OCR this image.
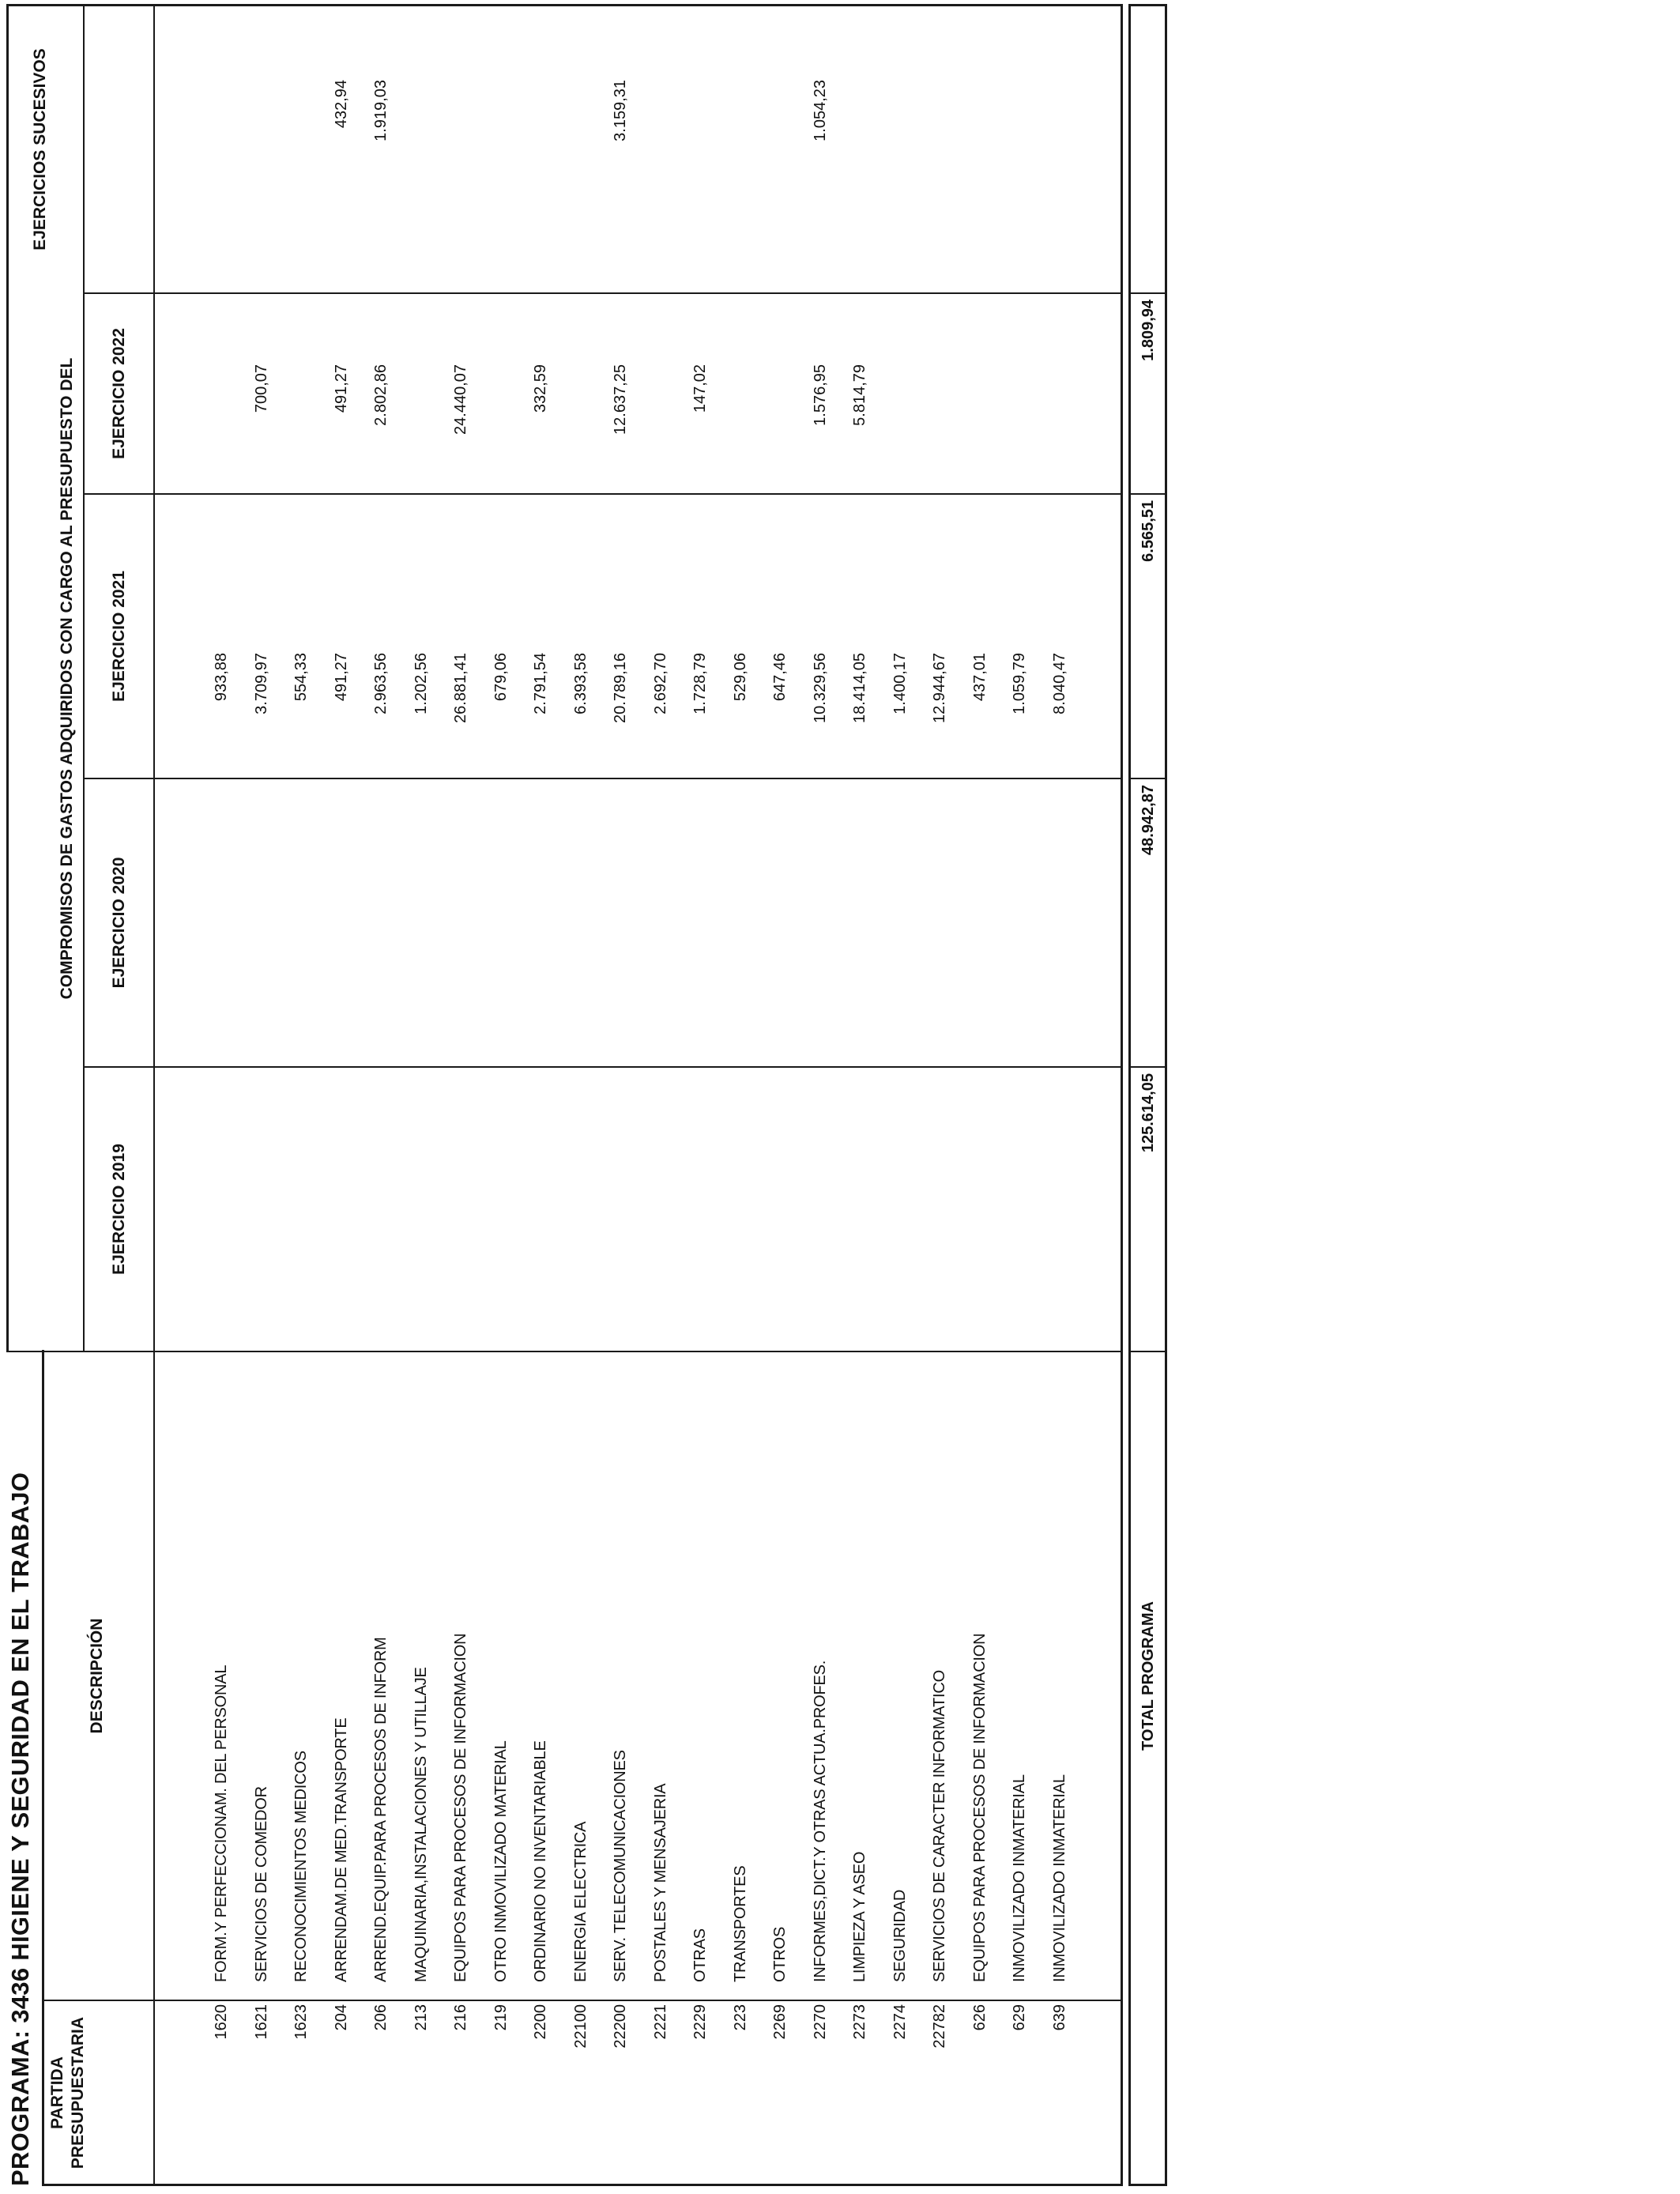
PROGRAMA: 3436 HIGIENE Y SEGURIDAD EN EL TRABAJO PARTIDA PRESUPUESTARIA
DESCRIPCIÓN
COMPROMISOS DE GASTOS ADQUIRIDOS CON CARGO AL PRESUPUESTO DEL
EJERCICIO 2019
EJERCICIO 2020
EJERCICIO 2021
EJERCICIO 2022
EJERCICIOS SUCESIVOS
1620
FORM.Y PERFECCIONAM. DEL PERSONAL
933,88
1621
SERVICIOS DE COMEDOR
3.709,97
700,07
1623
RECONOCIMIENTOS MEDICOS
554,33
204
ARRENDAM.DE MED.TRANSPORTE
491,27
491,27
432,94
206
ARREND.EQUIP.PARA PROCESOS DE INFORM
2.963,56
2.802,86
1.919,03
213
MAQUINARIA,INSTALACIONES Y UTILLAJE
1.202,56
216
EQUIPOS PARA PROCESOS DE INFORMACION
26.881,41
24.440,07
219
OTRO INMOVILIZADO MATERIAL
679,06
2200
ORDINARIO NO INVENTARIABLE
2.791,54
332,59
22100
ENERGIA ELECTRICA
6.393,58
22200
SERV. TELECOMUNICACIONES
20.789,16
12.637,25
3.159,31
2221
POSTALES Y MENSAJERIA
2.692,70
2229
OTRAS
1.728,79
147,02
223
TRANSPORTES
529,06
2269
OTROS
647,46
2270
INFORMES,DICT.Y OTRAS ACTUA.PROFES.
10.329,56
1.576,95
1.054,23
2273
LIMPIEZA Y ASEO
18.414,05
5.814,79
2274
SEGURIDAD
1.400,17
22782
SERVICIOS DE CARACTER INFORMATICO
12.944,67
626
EQUIPOS PARA PROCESOS DE INFORMACION
437,01
629
INMOVILIZADO INMATERIAL
1.059,79
639
INMOVILIZADO INMATERIAL
8.040,47
TOTAL PROGRAMA
125.614,05
48.942,87
6.565,51
1.809,94
